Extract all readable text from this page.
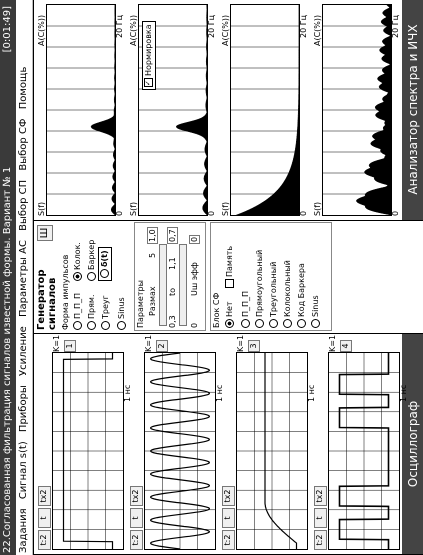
22.Согласованная фильтрация сигналов известной формы. Вариант № 1
[0:01:49]
Задания Сигнал s(t) Приборы Усиление Параметры АС Выбор СП Выбор СФ Помощь
Осциллограф
t:2
t
tx2
K=1 1
1 нс
t:2
t
tx2
K=1 2
1 нс
t:2
t
tx2
K=1 3
1 нс
t:2
t
tx2
K=1 4
1 нс
Генератор сигналов
Ш
Форма импульсов П_П_П
Колок.
Прям.
Баркер
Треуг
δ(t)
Sinus Параметры Размах
5
1,0
0,3
to
1,1
0,7
0
Uш эфф
0
Блок СФ Нет
Память
П_П_П Прямоугольный Треугольный Колокольный Код Баркера Sinus
Анализатор спектра и ИЧХ
S(f)
А(С(%))
0
20 Гц
S(f)
А(С(%))
0
20 Гц
✓Нормировка
S(f)
А(С(%))
0
20 Гц
S(f)
А(С(%))
0
20 Гц
